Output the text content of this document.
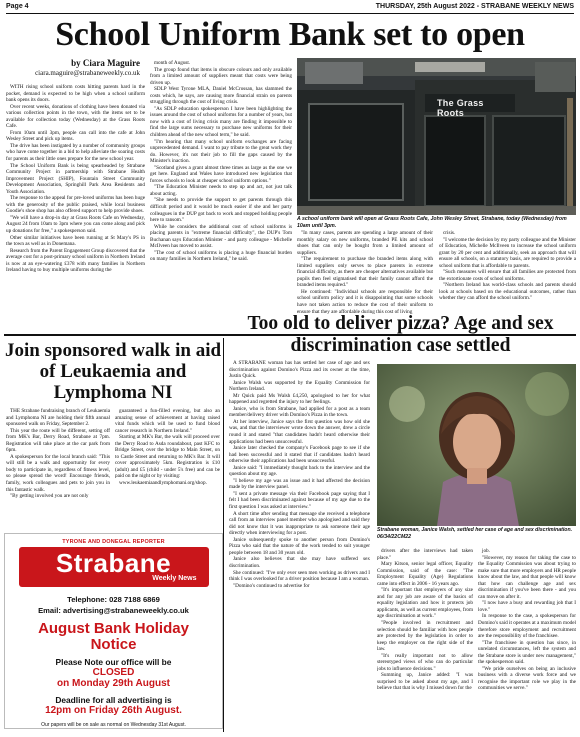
Page 4	THURSDAY, 25th August 2022 - STRABANE WEEKLY NEWS
School Uniform Bank set to open
by Ciara Maguire
ciara.maguire@strabaneweekly.co.uk

WITH rising school uniform costs hitting parents hard in the pocket, demand is expected to be high when a school uniform bank opens its doors.

Over recent weeks, donations of clothing have been donated via various collection points in the town, with the items set to be available for collection today (Wednesday) at the Grass Roots Cafe.

From 10am until 3pm, people can call into the cafe at John Wesley Street and pick up items.

The drive has been instigated by a number of community groups who have come together in a bid to help alleviate the soaring costs for parents as their little ones prepare for the new school year.

The School Uniform Bank is being spearheaded by Strabane Community Project in partnership with Strabane Health Improvement Project (SHIP), Fountain Street Community Development Association, Springhill Park Area Residents and Youth Association.

The response to the appeal for pre-loved uniforms has been huge with the generosity of the public praised, while local business Goodie's shoe shop has also offered support to help provide shoes.

"We will have a drop-in day at Grass Roots Cafe on Wednesday, August 24 from 10am to 3pm where you can come along and pick up donations for free," a spokesperson said.

Other similar initiatives have been running at St Mary's PS in the town as well as in Donemana.

Research from the Parent Engagement Group discovered that the average cost for a post-primary school uniform in Northern Ireland is now at an eye-watering £378 with many families in Northern Ireland having to buy multiple uniforms during the

month of August.

The group found that items in obscure colours and only available from a limited amount of suppliers meant that costs were being driven up.

SDLP West Tyrone MLA, Daniel McCrossan, has slammed the costs which, he says, are causing more financial strain on parents struggling through the cost of living crisis.

"As SDLP education spokesperson I have been highlighting the issues around the cost of school uniforms for a number of years, but now with a cost of living crisis many are finding it impossible to find the large sums necessary to purchase new uniforms for their children ahead of the new school term," he said.

"I'm hearing that many school uniform exchanges are facing unprecedented demand. I want to pay tribute to the great work they do. However, it's not their job to fill the gaps caused by the Minister's inaction.

"Scotland gives a grant almost three times as large as the one we get here. England and Wales have introduced new legislation that forces schools to look at cheaper school uniform options."

"The Education Minister needs to step up and act, not just talk about acting.

"She needs to provide the support to get parents through this difficult period and it would be much easier if she and her party colleagues in the DUP got back to work and stopped holding people here to ransom."

While he considers the additional cost of school uniforms is placing parents in "extreme financial difficulty", the DUP's Tom Buchanan says Education Minister - and party colleague - Michelle McIlveen has moved to assist.

"The cost of school uniforms is placing a huge financial burden on many families in Northern Ireland," he said.

The Grass Roots
A school uniform bank will open at Grass Roots Cafe, John Wesley Street, Strabane, today (Wednesday) from 10am until 3pm.

"In many cases, parents are spending a large amount of their monthly salary on new uniforms, branded PE kits and school shoes that can only be bought from a limited amount of suppliers.

"The requirement to purchase the branded items along with limited suppliers only serves to place parents in extreme financial difficulty, as there are cheaper alternatives available but pupils then feel stigmatised that their family cannot afford the branded items required."

He continued: "Individual schools are responsible for their school uniform policy and it is disappointing that some schools have not taken action to reduce the cost of their uniform to ensure that they are affordable during this cost of living

crisis.

"I welcome the decision by my party colleague and the Minister of Education, Michelle McIlveen to increase the school uniform grant by 20 per cent and additionally, seek an approach that will ensure all schools, on a statutory basis, are required to provide a school uniform that is affordable to parents.

"Such measures will ensure that all families are protected from the extortionate costs of school uniforms.

"Northern Ireland has world-class schools and parents should look at schools based on the educational outcomes, rather than whether they can afford the school uniform."

Join sponsored walk in aid of Leukaemia and Lymphoma NI

THE Strabane fundraising branch of Leukaemia and Lymphoma NI are holding their fifth annual sponsored walk on Friday, September 2.

This year the route will be different, setting off from MK's Bar, Derry Road, Strabane at 7pm. Registration will take place at the car park from 6pm.

A spokesperson for the local branch said: "This will still be a walk and opportunity for every body to participate in, regardless of fitness level, so please spread the word! Encourage friends, family, work colleagues and pets to join you in this fantastic walk.

"By getting involved you are not only

guaranteed a fun-filled evening, but also an amazing sense of achievement at having raised vital funds which will be used to fund blood cancer research in Northern Ireland."

Starting at MK's Bar, the walk will proceed over the Derry Road to Asda roundabout, past KFC to Bridge Street, over the bridge to Main Street, on to Castle Street and returning to MK's Bar. It will cover approximately 5km. Registration is £10 (adult) and £5 (child - under 5's free) and can be paid on the night or by visiting:

www.leukaemiaandlymphomani.org/shop.

TYRONE AND DONEGAL REPORTER
Strabane
Weekly News
Telephone: 028 7188 6869
Email: advertising@strabaneweekly.co.uk
August Bank Holiday
Notice
Please Note our office will be
CLOSED
on Monday 29th August
Deadline for all advertising is
12pm on Friday 26th August.
Our papers will be on sale as normal on Wednesday 31st August.
Too old to deliver pizza? Age and sex discrimination case settled

A STRABANE woman has has settled her case of age and sex discrimination against Domino's Pizza and its owner at the time, Justin Quick.

Janice Walsh was supported by the Equality Commission for Northern Ireland.

Mr Quick paid Ms Walsh £4,250, apologised to her for what happened and regretted the injury to her feelings.

Janice, who is from Strabane, had applied for a post as a team member/delivery driver with Domino's Pizza in the town.

At her interview, Janice says the first question was how old she was, and that the interviewer wrote down the answer, drew a circle round it and stated "that candidates hadn't heard otherwise their applications had been unsuccessful.

Janice later checked the company's Facebook page to see if she had been successful and it stated that if candidates hadn't heard otherwise their applications had been unsuccessful.

Janice said: "I immediately thought back to the interview and the question about my age.

"I believe my age was an issue and it had affected the decision made by the interview panel.

"I sent a private message via their Facebook page saying that I felt I had been discriminated against because of my age due to the first question I was asked at interview."

A short time after sending that message she received a telephone call from an interview panel member who apologised and said they did not know that it was inappropriate to ask someone their age directly when interviewing for a post.

Janice subsequently spoke to another person from Domino's Pizza who said that the nature of the work tended to suit younger people between 18 and 30 years old.

Janice also believes that she may have suffered sex discrimination.

She continued: "I've only ever seen men working as drivers and I think I was overlooked for a driver position because I am a woman.

"Domino's continued to advertise for

Strabane woman, Janice Walsh, settled her case of age and sex discrimination. 06/34/22CM22

drivers after the interviews had taken place."

Mary Kitson, senior legal officer, Equality Commission, said of the case: "The Employment Equality (Age) Regulations came into effect in 2006 - 16 years ago.

"It's important that employers of any size and for any job are aware of the basics of equality legislation and how it protects job applicants, as well as current employees, from age discrimination at work."

"People involved in recruitment and selection should be familiar with how people are protected by the legislation in order to keep the employer on the right side of the law.

"It's really important not to allow stereotyped views of who can do particular jobs to influence decisions."

Summing up, Janice added: "I was surprised to be asked about my age, and I believe that that is why I missed down for the

job.

"However, my reason for taking the case to the Equality Commission was about trying to make sure that more employers and HR people know about the law, and that people will know that how can challenge age and sex discrimination if you've been there - and you can move on after it.

"I now have a busy and rewarding job that I love."

In response to the case, a spokesperson for Domino's said it operates at a maximum model therefore store employment and recruitment are the responsibility of the franchisee.

"The franchisee in question has since, in unrelated circumstances, left the system and the Strabane store is under new management," the spokesperson said.

"We pride ourselves on being an inclusive business with a diverse work force and we recognise the important role we play in the communities we serve."
